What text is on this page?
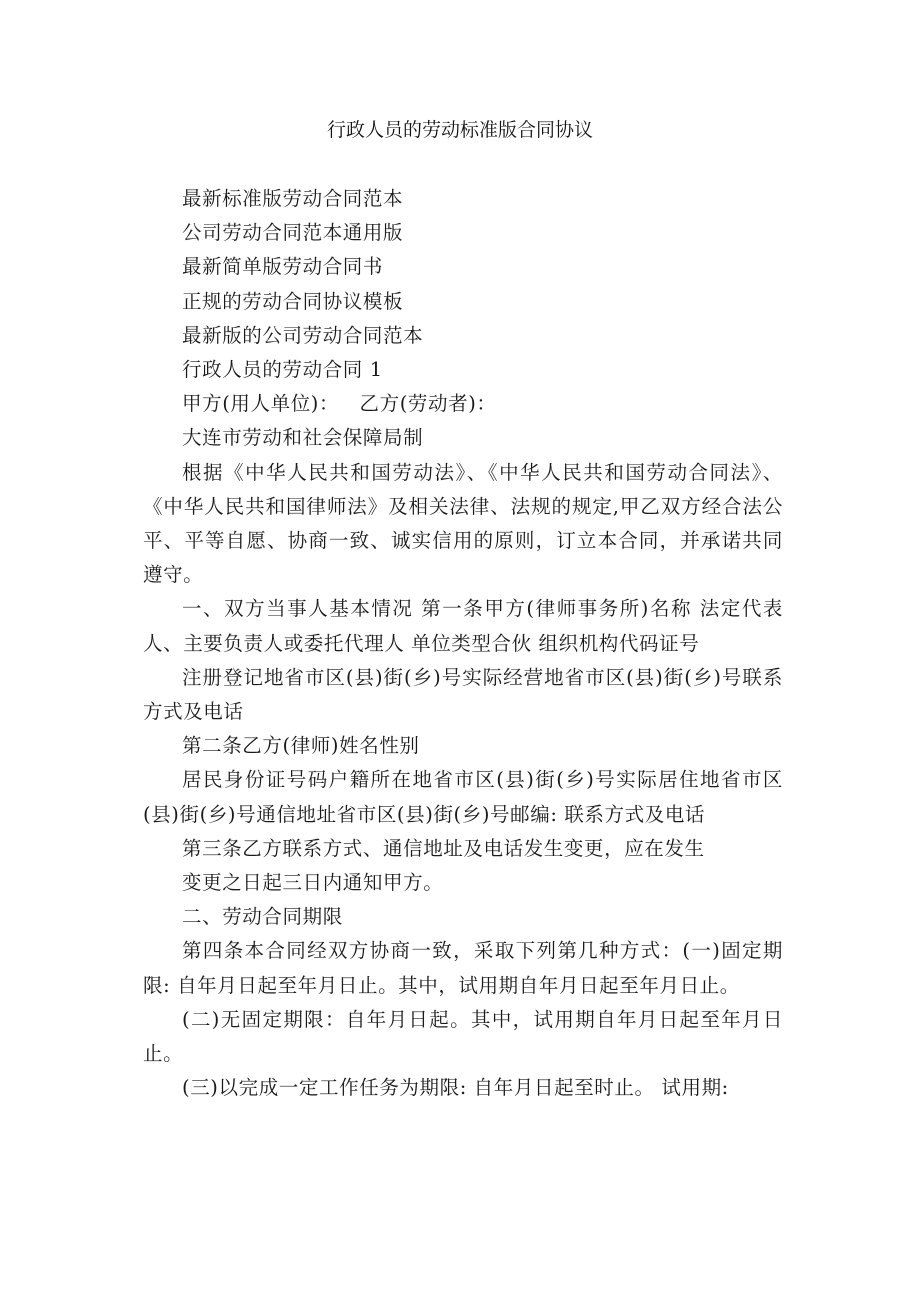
行政人员的劳动标准版合同协议

最新标准版劳动合同范本

公司劳动合同范本通用版

最新简单版劳动合同书

正规的劳动合同协议模板

最新版的公司劳动合同范本

行政人员的劳动合同 1

甲方(用人单位)：   乙方(劳动者)：

大连市劳动和社会保障局制

根据《中华人民共和国劳动法》、《中华人民共和国劳动合同法》、《中华人民共和国律师法》及相关法律、法规的规定,甲乙双方经合法公平、平等自愿、协商一致、诚实信用的原则，订立本合同，并承诺共同遵守。

一、双方当事人基本情况 第一条甲方(律师事务所)名称 法定代表人、主要负责人或委托代理人 单位类型合伙 组织机构代码证号

注册登记地省市区(县)街(乡)号实际经营地省市区(县)街(乡)号联系方式及电话

第二条乙方(律师)姓名性别

居民身份证号码户籍所在地省市区(县)街(乡)号实际居住地省市区(县)街(乡)号通信地址省市区(县)街(乡)号邮编: 联系方式及电话

第三条乙方联系方式、通信地址及电话发生变更，应在发生

变更之日起三日内通知甲方。

二、劳动合同期限

第四条本合同经双方协商一致，采取下列第几种方式：(一)固定期限: 自年月日起至年月日止。其中，试用期自年月日起至年月日止。

(二)无固定期限：自年月日起。其中，试用期自年月日起至年月日止。

(三)以完成一定工作任务为期限: 自年月日起至时止。 试用期:
